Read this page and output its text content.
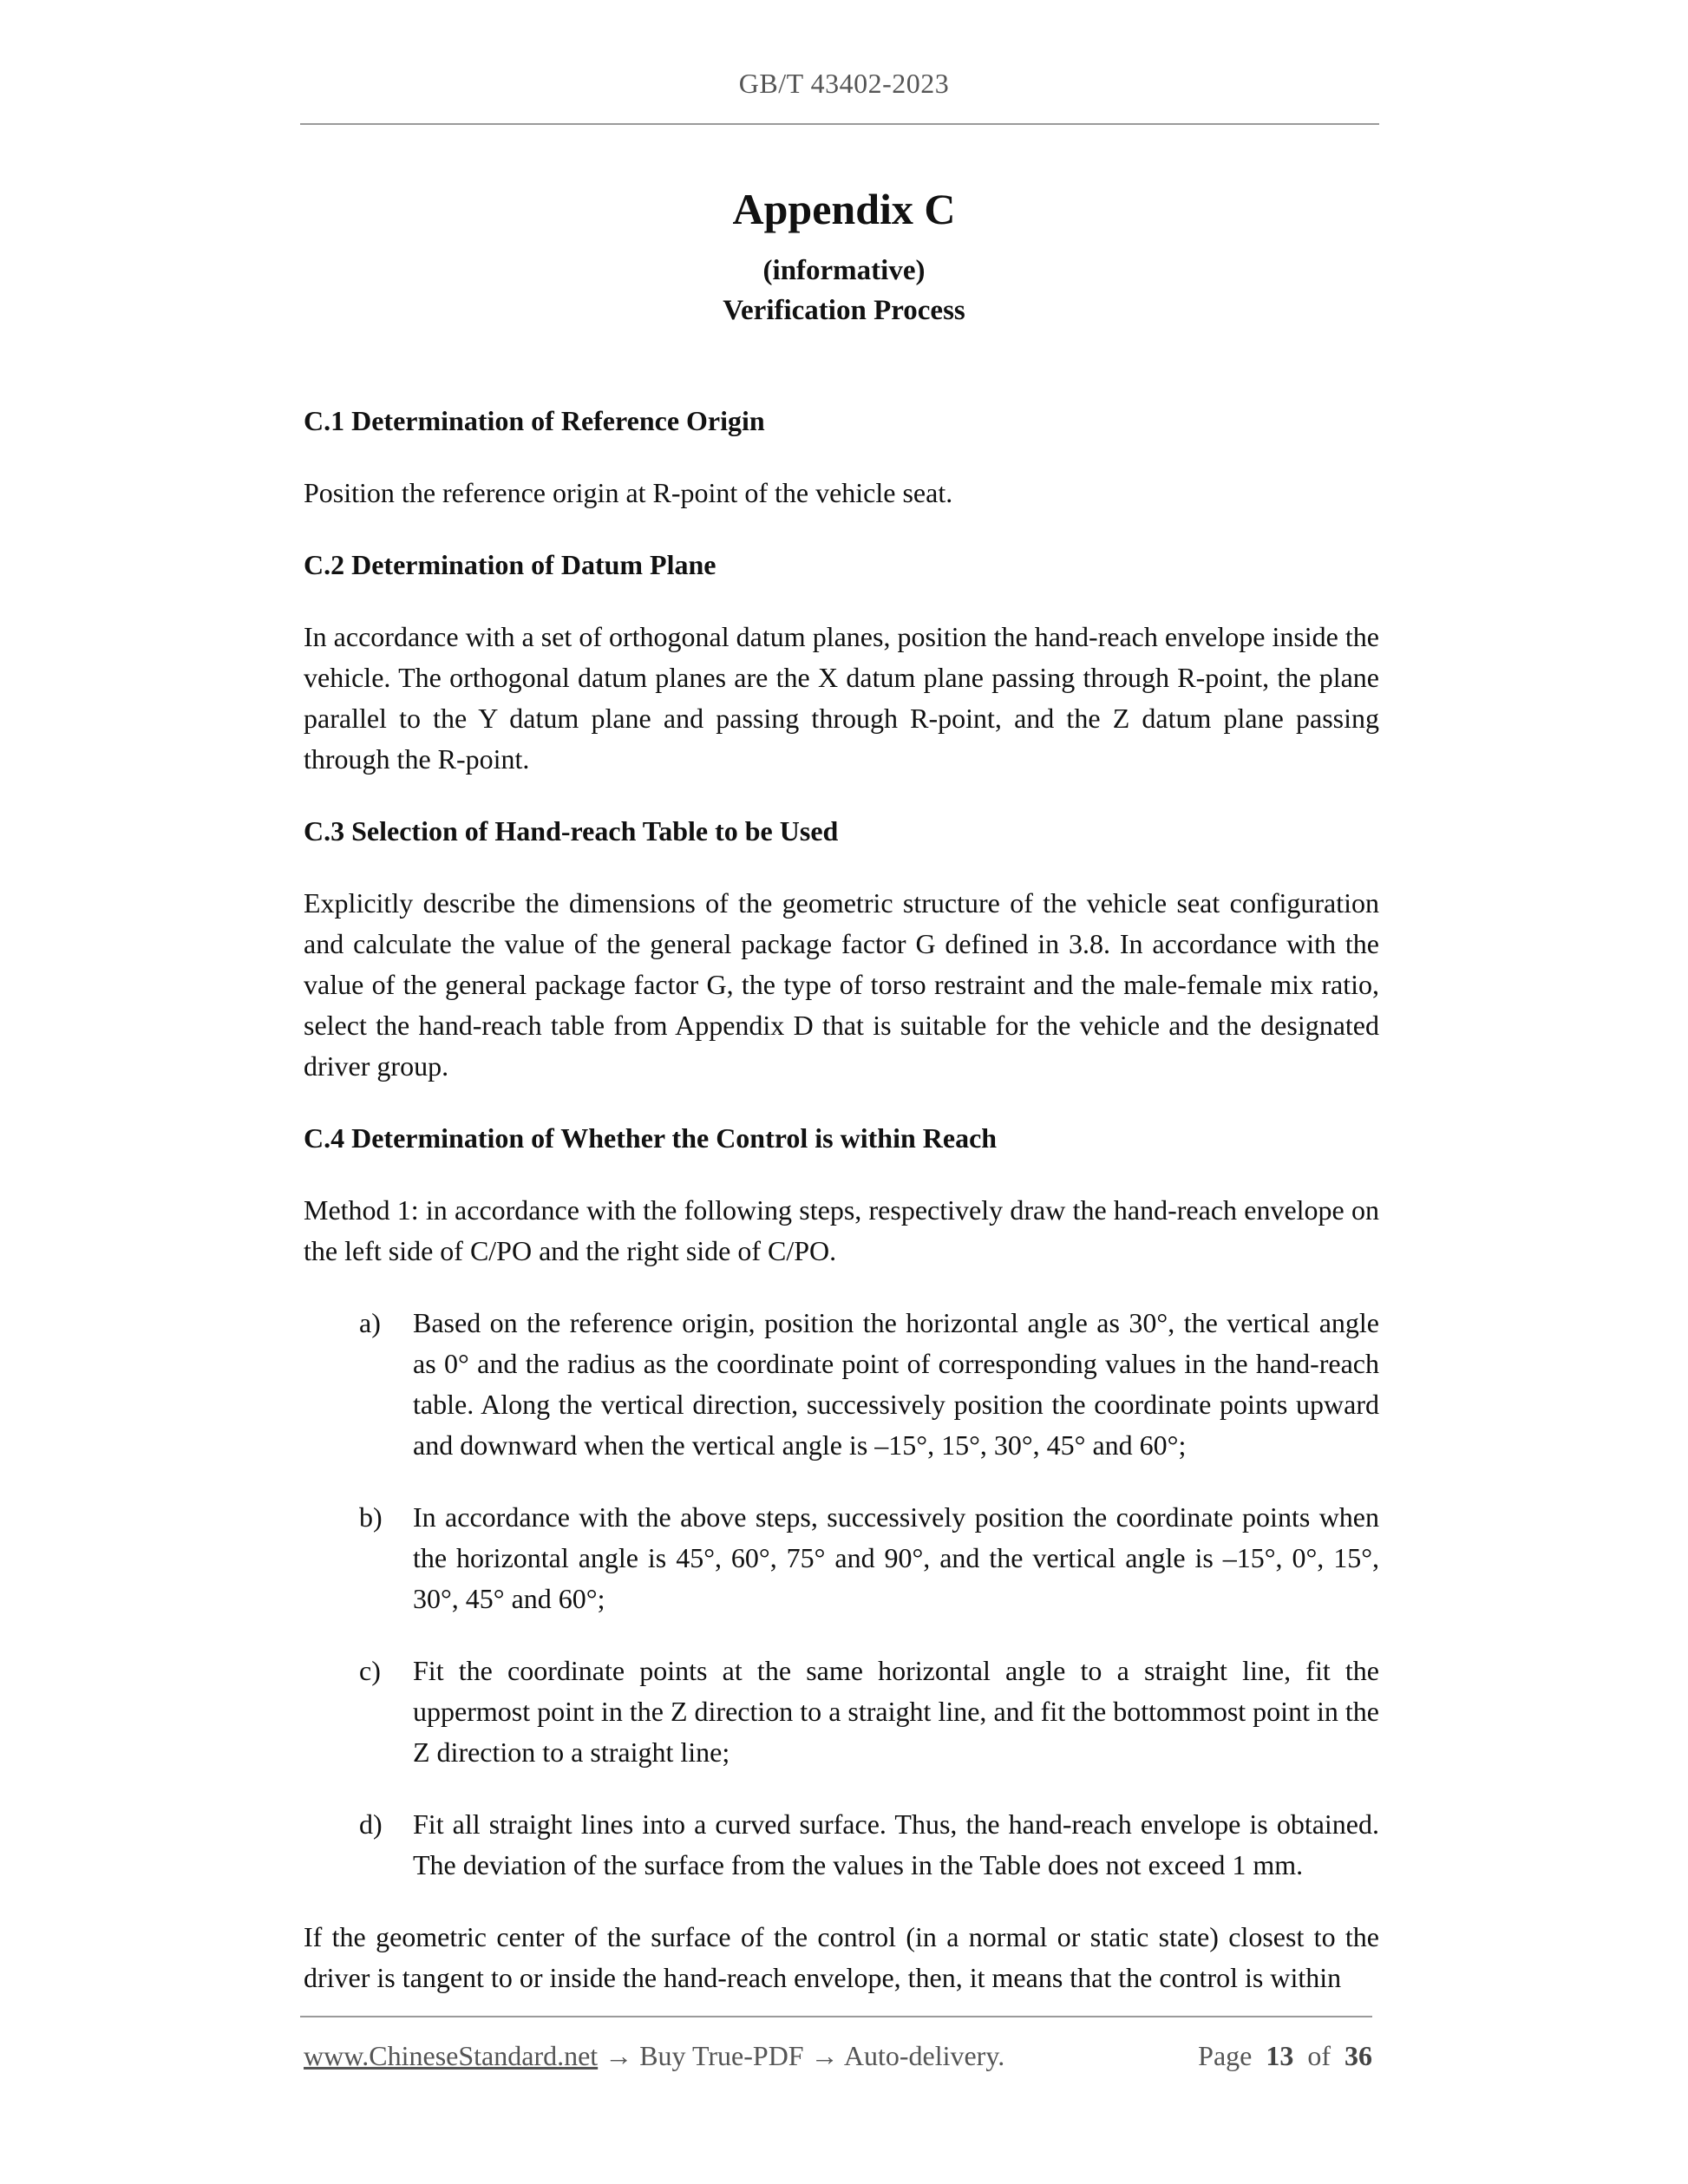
GB/T 43402-2023
Appendix C
(informative)
Verification Process
C.1 Determination of Reference Origin

Position the reference origin at R-point of the vehicle seat.

C.2 Determination of Datum Plane

In accordance with a set of orthogonal datum planes, position the hand-reach envelope inside the vehicle. The orthogonal datum planes are the X datum plane passing through R-point, the plane parallel to the Y datum plane and passing through R-point, and the Z datum plane passing through the R-point.

C.3 Selection of Hand-reach Table to be Used

Explicitly describe the dimensions of the geometric structure of the vehicle seat configuration and calculate the value of the general package factor G defined in 3.8. In accordance with the value of the general package factor G, the type of torso restraint and the male-female mix ratio, select the hand-reach table from Appendix D that is suitable for the vehicle and the designated driver group.

C.4 Determination of Whether the Control is within Reach

Method 1: in accordance with the following steps, respectively draw the hand-reach envelope on the left side of C/PO and the right side of C/PO.

a) Based on the reference origin, position the horizontal angle as 30°, the vertical angle as 0° and the radius as the coordinate point of corresponding values in the hand-reach table. Along the vertical direction, successively position the coordinate points upward and downward when the vertical angle is –15°, 15°, 30°, 45° and 60°;
b) In accordance with the above steps, successively position the coordinate points when the horizontal angle is 45°, 60°, 75° and 90°, and the vertical angle is –15°, 0°, 15°, 30°, 45° and 60°;
c) Fit the coordinate points at the same horizontal angle to a straight line, fit the uppermost point in the Z direction to a straight line, and fit the bottommost point in the Z direction to a straight line;
d) Fit all straight lines into a curved surface. Thus, the hand-reach envelope is obtained. The deviation of the surface from the values in the Table does not exceed 1 mm.

If the geometric center of the surface of the control (in a normal or static state) closest to the driver is tangent to or inside the hand-reach envelope, then, it means that the control is within

www.ChineseStandard.net → Buy True-PDF → Auto-delivery.	Page 13 of 36
